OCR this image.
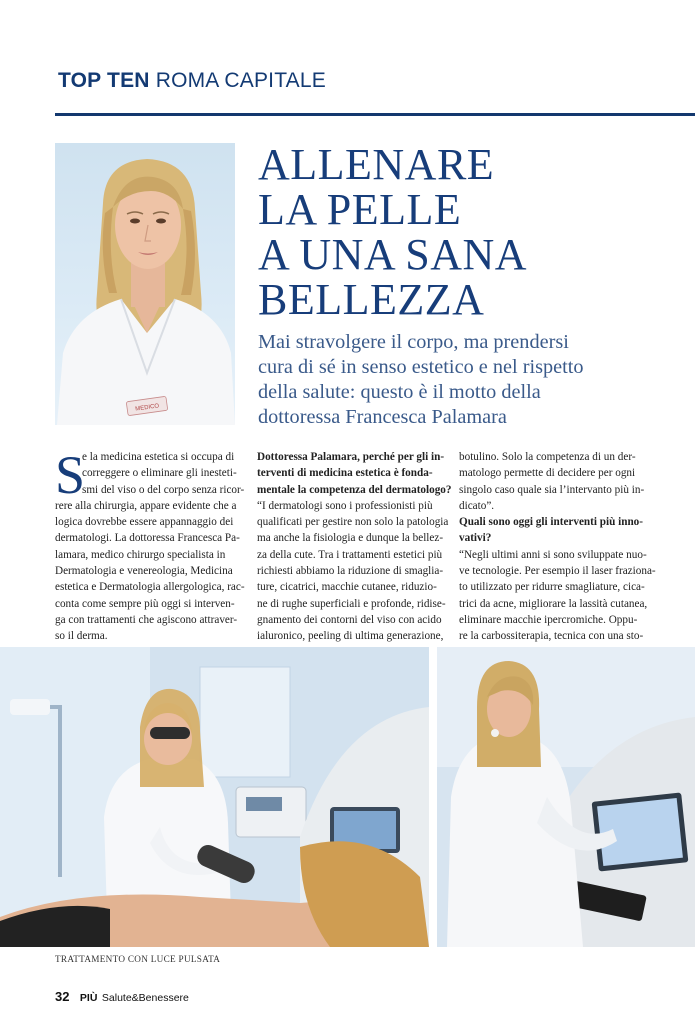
TOP TEN ROMA CAPITALE
MEDICO
ALLENARE
LA PELLE
A UNA SANA
BELLEZZA
Mai stravolgere il corpo, ma prendersi
cura di sé in senso estetico e nel rispetto
della salute: questo è il motto della
dottoressa Francesca Palamara
S
e la medicina estetica si occupa di
correggere o eliminare gli inesteti-
smi del viso o del corpo senza ricor-
rere alla chirurgia, appare evidente che a
logica dovrebbe essere appannaggio dei
dermatologi. La dottoressa Francesca Pa-
lamara, medico chirurgo specialista in
Dermatologia e venereologia, Medicina
estetica e Dermatologia allergologica, rac-
conta come sempre più oggi si interven-
ga con trattamenti che agiscono attraver-
so il derma.
Dottoressa Palamara, perché per gli in-
terventi di medicina estetica è fonda-
mentale la competenza del dermatologo?
“I dermatologi sono i professionisti più
qualificati per gestire non solo la patologia
ma anche la fisiologia e dunque la bellez-
za della cute. Tra i trattamenti estetici più
richiesti abbiamo la riduzione di smaglia-
ture, cicatrici, macchie cutanee, riduzio-
ne di rughe superficiali e profonde, ridise-
gnamento dei contorni del viso con acido
ialuronico, peeling di ultima generazione,
botulino. Solo la competenza di un der-
matologo permette di decidere per ogni
singolo caso quale sia l’intervanto più in-
dicato”.
Quali sono oggi gli interventi più inno-
vativi?
“Negli ultimi anni si sono sviluppate nuo-
ve tecnologie. Per esempio il laser fraziona-
to utilizzato per ridurre smagliature, cica-
trici da acne, migliorare la lassità cutanea,
eliminare macchie ipercromiche. Oppu-
re la carbossiterapia, tecnica con una sto-
TRATTAMENTO CON LUCE PULSATA
32 PIÙ Salute&Benessere
